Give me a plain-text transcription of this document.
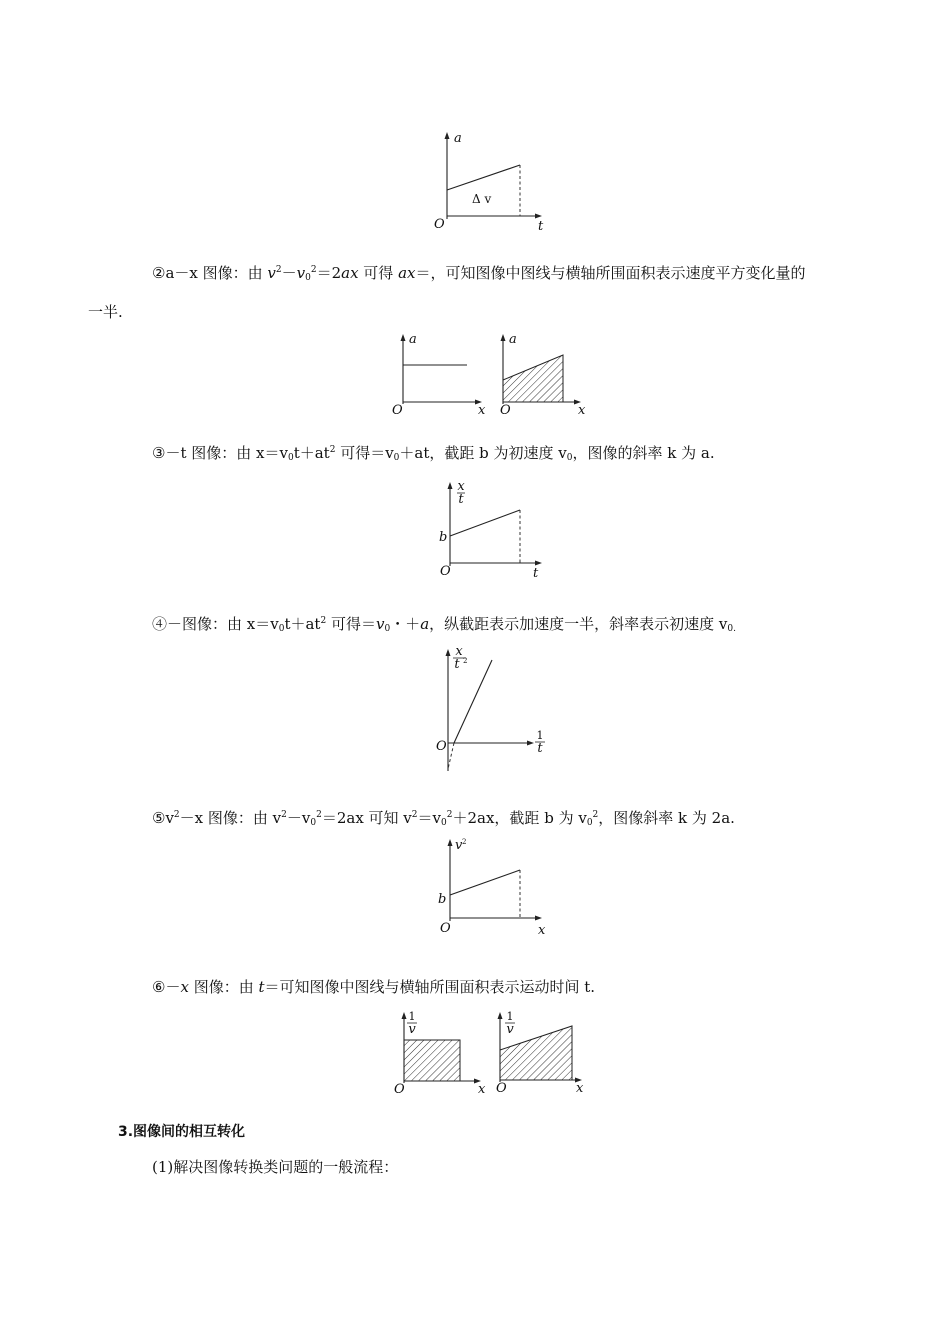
a
t
O
Δ v
②a－x 图像：由 $v^2-v_0^2=2ax$ 可得 ax＝，可知图像中图线与横轴所围面积表示速度平方变化量的
一半.
a
x
O
a
x
O
③－t 图像：由 $x=v_0t+at^2$ 可得$=v_0+at$，截距 b 为初速度 $v_0$，图像的斜率 k 为 a.
x
t
b
t
O
④－图像：由 $x=v_0t+at^2$ 可得$=v_0$・＋a，纵截距表示加速度一半，斜率表示初速度 $v_{0.}$
x
t 2
1
t
O
$⑤v^2-x$ 图像：由 $v^2-v_0^2=2ax$ 可知 $v^2=v_0^2+2ax$，截距 b 为 $v_0^2$，图像斜率 k 为 2a.
v 2
b
x
O
⑥－x 图像：由 t＝可知图像中图线与横轴所围面积表示运动时间 t.
1
v
x
O
1
v
x
O
3.图像间的相互转化
(1)解决图像转换类问题的一般流程：
